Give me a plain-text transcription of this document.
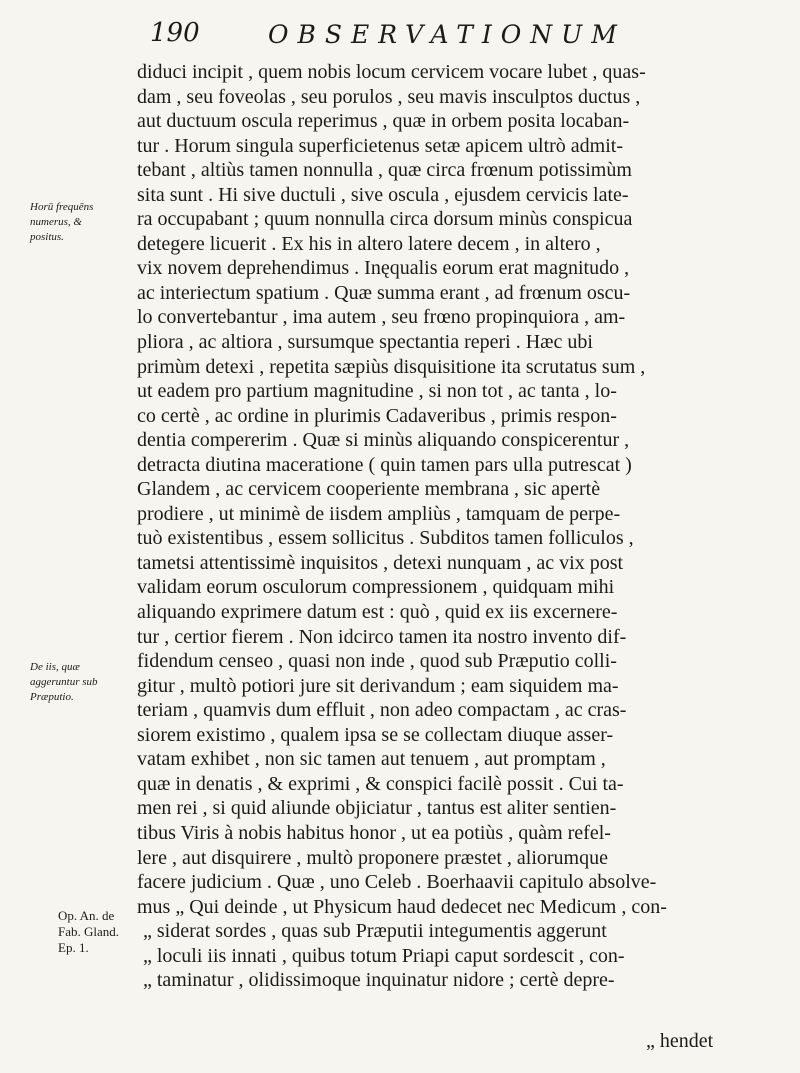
190	OBSERVATIONUM
Horū frequēns
numerus, &
positus.
De iis, quæ
aggeruntur sub
Præputio.
Op. An. de
Fab. Gland.
Ep. 1.
diduci incipit , quem nobis locum cervicem vocare lubet , quas-
dam , seu foveolas , seu porulos , seu mavis insculptos ductus ,
aut ductuum oscula reperimus , quæ in orbem posita locaban-
tur . Horum singula superficietenus setæ apicem ultrò admit-
tebant , altiùs tamen nonnulla , quæ circa frœnum potissimùm
sita sunt . Hi sive ductuli , sive oscula , ejusdem cervicis late-
ra occupabant ; quum nonnulla circa dorsum minùs conspicua
detegere licuerit . Ex his in altero latere decem , in altero ,
vix novem deprehendimus . Inęqualis eorum erat magnitudo ,
ac interiectum spatium . Quæ summa erant , ad frœnum oscu-
lo convertebantur , ima autem , seu frœno propinquiora , am-
pliora , ac altiora , sursumque spectantia reperi . Hæc ubi
primùm detexi , repetita sæpiùs disquisitione ita scrutatus sum ,
ut eadem pro partium magnitudine , si non tot , ac tanta , lo-
co certè , ac ordine in plurimis Cadaveribus , primis respon-
dentia compererim . Quæ si minùs aliquando conspicerentur ,
detracta diutina maceratione ( quin tamen pars ulla putrescat )
Glandem , ac cervicem cooperiente membrana , sic apertè
prodiere , ut minimè de iisdem ampliùs , tamquam de perpe-
tuò existentibus , essem sollicitus . Subditos tamen folliculos ,
tametsi attentissimè inquisitos , detexi nunquam , ac vix post
validam eorum osculorum compressionem , quidquam mihi
aliquando exprimere datum est : quò , quid ex iis excernere-
tur , certior fierem . Non idcirco tamen ita nostro invento dif-
fidendum censeo , quasi non inde , quod sub Præputio colli-
gitur , multò potiori jure sit derivandum ; eam siquidem ma-
teriam , quamvis dum effluit , non adeo compactam , ac cras-
siorem existimo , qualem ipsa se se collectam diuque asser-
vatam exhibet , non sic tamen aut tenuem , aut promptam ,
quæ in denatis , & exprimi , & conspici facilè possit . Cui ta-
men rei , si quid aliunde objiciatur , tantus est aliter sentien-
tibus Viris à nobis habitus honor , ut ea potiùs , quàm refel-
lere , aut disquirere , multò proponere præstet , aliorumque
facere judicium . Quæ , uno Celeb . Boerhaavii capitulo absolve-
mus „ Qui deinde , ut Physicum haud dedecet nec Medicum , con-
„ siderat sordes , quas sub Præputii integumentis aggerunt
„ loculi iis innati , quibus totum Priapi caput sordescit , con-
„ taminatur , olidissimoque inquinatur nidore ; certè depre-
„ hendet
